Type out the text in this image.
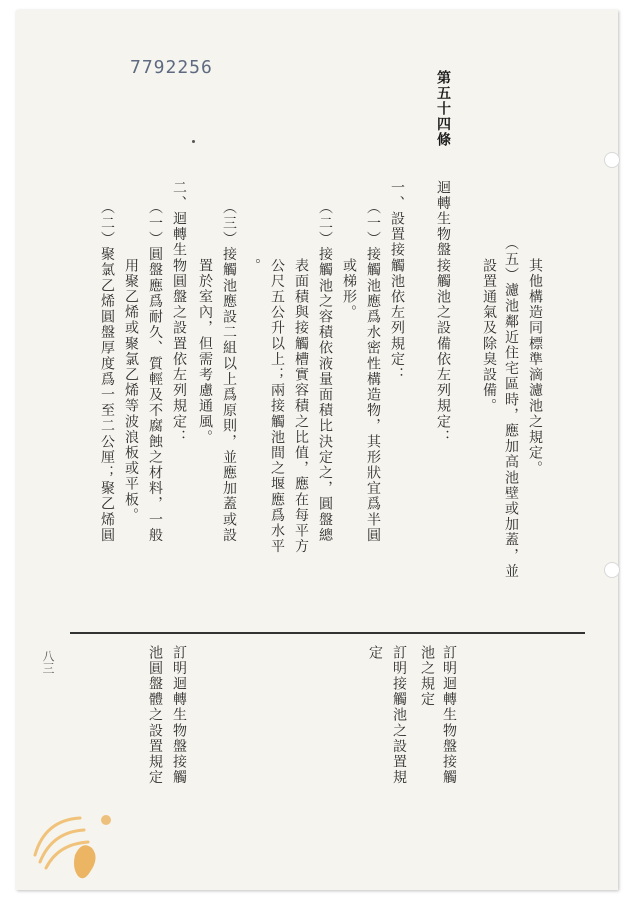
7792256
其他構造同標準滴濾池之規定。
（五）濾池鄰近住宅區時，應加高池壁或加蓋，並
設置通氣及除臭設備。
第五十四條
迴轉生物盤接觸池之設備依左列規定：
一、設置接觸池依左列規定：
（一）接觸池應爲水密性構造物，其形狀宜爲半圓
或梯形。
（二）接觸池之容積依液量面積比決定之，圓盤總
表面積與接觸槽實容積之比值，應在每平方
公尺五公升以上；兩接觸池間之堰應爲水平
。
（三）接觸池應設二組以上爲原則，並應加蓋或設
置於室內，但需考慮通風。
二、迴轉生物圓盤之設置依左列規定：
（一）圓盤應爲耐久、質輕及不腐蝕之材料，一般
用聚乙烯或聚氯乙烯等波浪板或平板。
（二）聚氯乙烯圓盤厚度爲一至二公厘；聚乙烯圓
訂明迴轉生物盤接觸
池之規定
訂明接觸池之設置規
定
訂明迴轉生物盤接觸
池圓盤體之設置規定
八三
